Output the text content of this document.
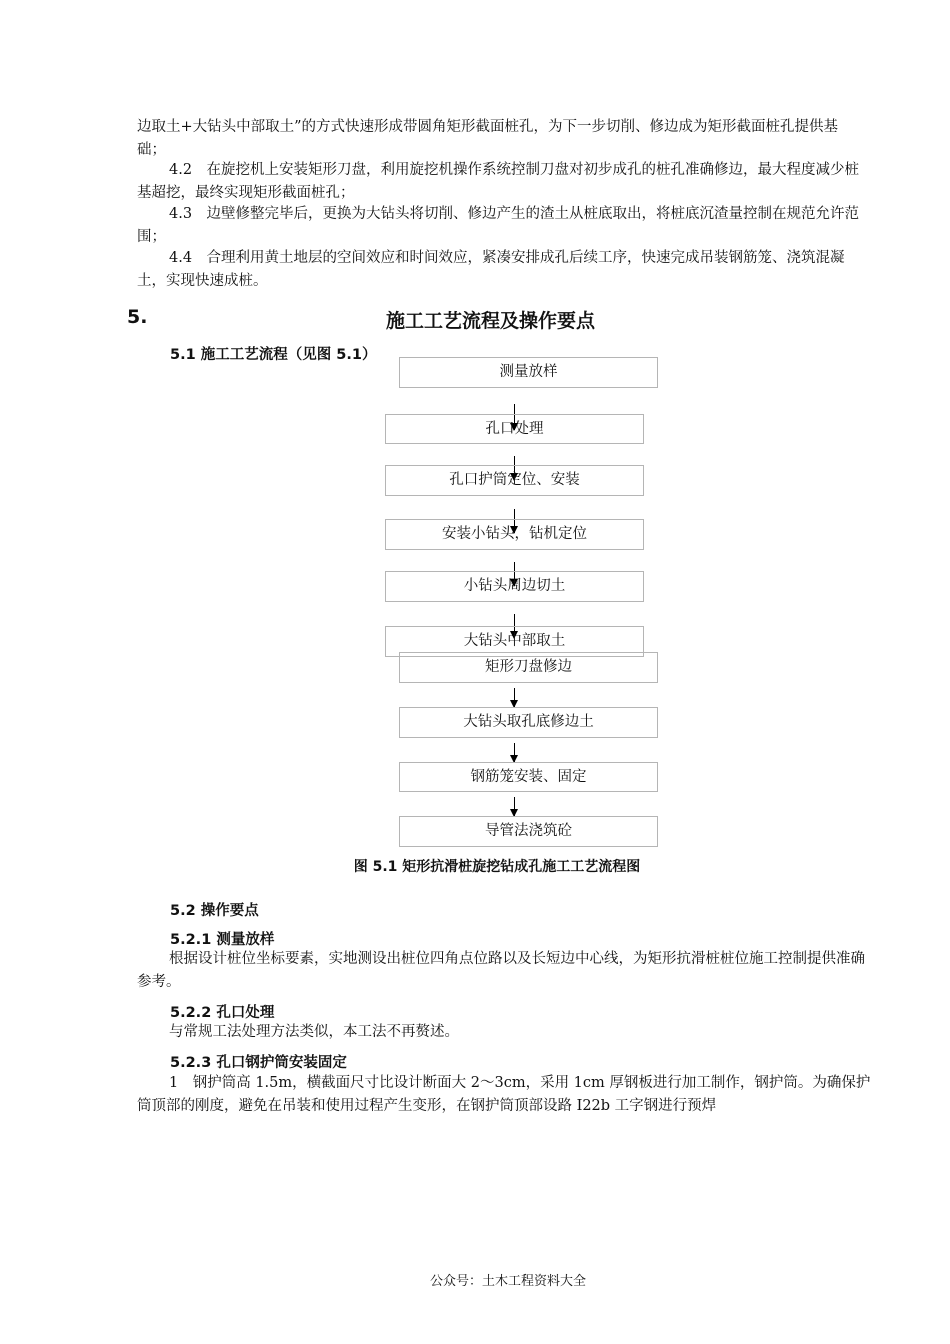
边取土+大钻头中部取土”的方式快速形成带圆角矩形截面桩孔，为下一步切削、修边成为矩形截面桩孔提供基础；

4.2　在旋挖机上安装矩形刀盘，利用旋挖机操作系统控制刀盘对初步成孔的桩孔准确修边，最大程度减少桩基超挖，最终实现矩形截面桩孔；

4.3　边壁修整完毕后，更换为大钻头将切削、修边产生的渣土从桩底取出，将桩底沉渣量控制在规范允许范围；

4.4　合理利用黄土地层的空间效应和时间效应，紧凑安排成孔后续工序，快速完成吊装钢筋笼、浇筑混凝土，实现快速成桩。

5.	施工工艺流程及操作要点
5.1 施工工艺流程（见图 5.1）
测量放样
孔口处理
孔口护筒定位、安装
安装小钻头，钻机定位
小钻头周边切土
大钻头中部取土
矩形刀盘修边
大钻头取孔底修边土
钢筋笼安装、固定
导管法浇筑砼
图 5.1 矩形抗滑桩旋挖钻成孔施工工艺流程图
5.2 操作要点
5.2.1 测量放样

根据设计桩位坐标要素，实地测设出桩位四角点位路以及长短边中心线，为矩形抗滑桩桩位施工控制提供准确参考。

5.2.2 孔口处理

与常规工法处理方法类似，本工法不再赘述。

5.2.3 孔口钢护筒安装固定

1　钢护筒高 1.5m，横截面尺寸比设计断面大 2～3cm，采用 1cm 厚钢板进行加工制作，钢护筒。为确保护筒顶部的刚度，避免在吊装和使用过程产生变形，在钢护筒顶部设路 I22b 工字钢进行预焊

公众号：土木工程资料大全
